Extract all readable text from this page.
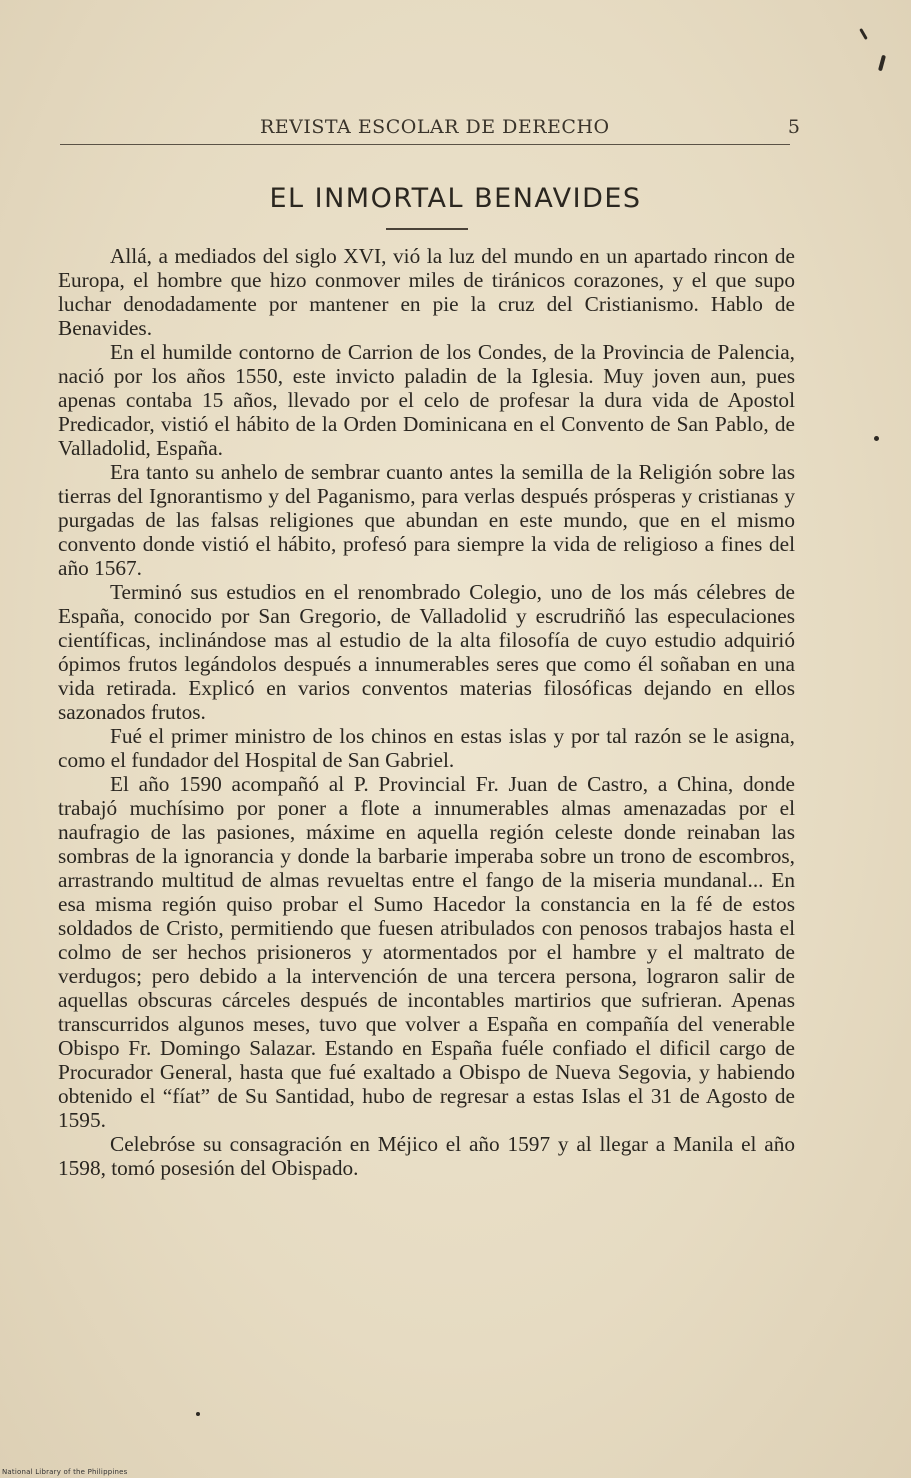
REVISTA ESCOLAR DE DERECHO	5
EL INMORTAL BENAVIDES

Allá, a mediados del siglo XVI, vió la luz del mundo en un apartado rincon de Europa, el hombre que hizo conmover miles de tiránicos corazones, y el que supo luchar denodadamente por mantener en pie la cruz del Cristianismo. Hablo de Benavides.

En el humilde contorno de Carrion de los Condes, de la Provincia de Palencia, nació por los años 1550, este invicto paladin de la Iglesia. Muy joven aun, pues apenas contaba 15 años, llevado por el celo de profesar la dura vida de Apostol Predicador, vistió el hábito de la Orden Dominicana en el Convento de San Pablo, de Valladolid, España.

Era tanto su anhelo de sembrar cuanto antes la semilla de la Religión sobre las tierras del Ignorantismo y del Paganismo, para verlas después prósperas y cristianas y purgadas de las falsas religiones que abundan en este mundo, que en el mismo convento donde vistió el hábito, profesó para siempre la vida de religioso a fines del año 1567.

Terminó sus estudios en el renombrado Colegio, uno de los más célebres de España, conocido por San Gregorio, de Valladolid y escrudriñó las especulaciones científicas, inclinándose mas al estudio de la alta filosofía de cuyo estudio adquirió ópimos frutos legándolos después a innumerables seres que como él soñaban en una vida retirada. Explicó en varios conventos materias filosóficas dejando en ellos sazonados frutos.

Fué el primer ministro de los chinos en estas islas y por tal razón se le asigna, como el fundador del Hospital de San Gabriel.

El año 1590 acompañó al P. Provincial Fr. Juan de Castro, a China, donde trabajó muchísimo por poner a flote a innumerables almas amenazadas por el naufragio de las pasiones, máxime en aquella región celeste donde reinaban las sombras de la ignorancia y donde la barbarie imperaba sobre un trono de escombros, arrastrando multitud de almas revueltas entre el fango de la miseria mundanal... En esa misma región quiso probar el Sumo Hacedor la constancia en la fé de estos soldados de Cristo, permitiendo que fuesen atribulados con penosos trabajos hasta el colmo de ser hechos prisioneros y atormentados por el hambre y el maltrato de verdugos; pero debido a la intervención de una tercera persona, lograron salir de aquellas obscuras cárceles después de incontables martirios que sufrieran. Apenas transcurridos algunos meses, tuvo que volver a España en compañía del venerable Obispo Fr. Domingo Salazar. Estando en España fuéle confiado el dificil cargo de Procurador General, hasta que fué exaltado a Obispo de Nueva Segovia, y habiendo obtenido el “fíat” de Su Santidad, hubo de regresar a estas Islas el 31 de Agosto de 1595.

Celebróse su consagración en Méjico el año 1597 y al llegar a Manila el año 1598, tomó posesión del Obispado.

National Library of the Philippines
